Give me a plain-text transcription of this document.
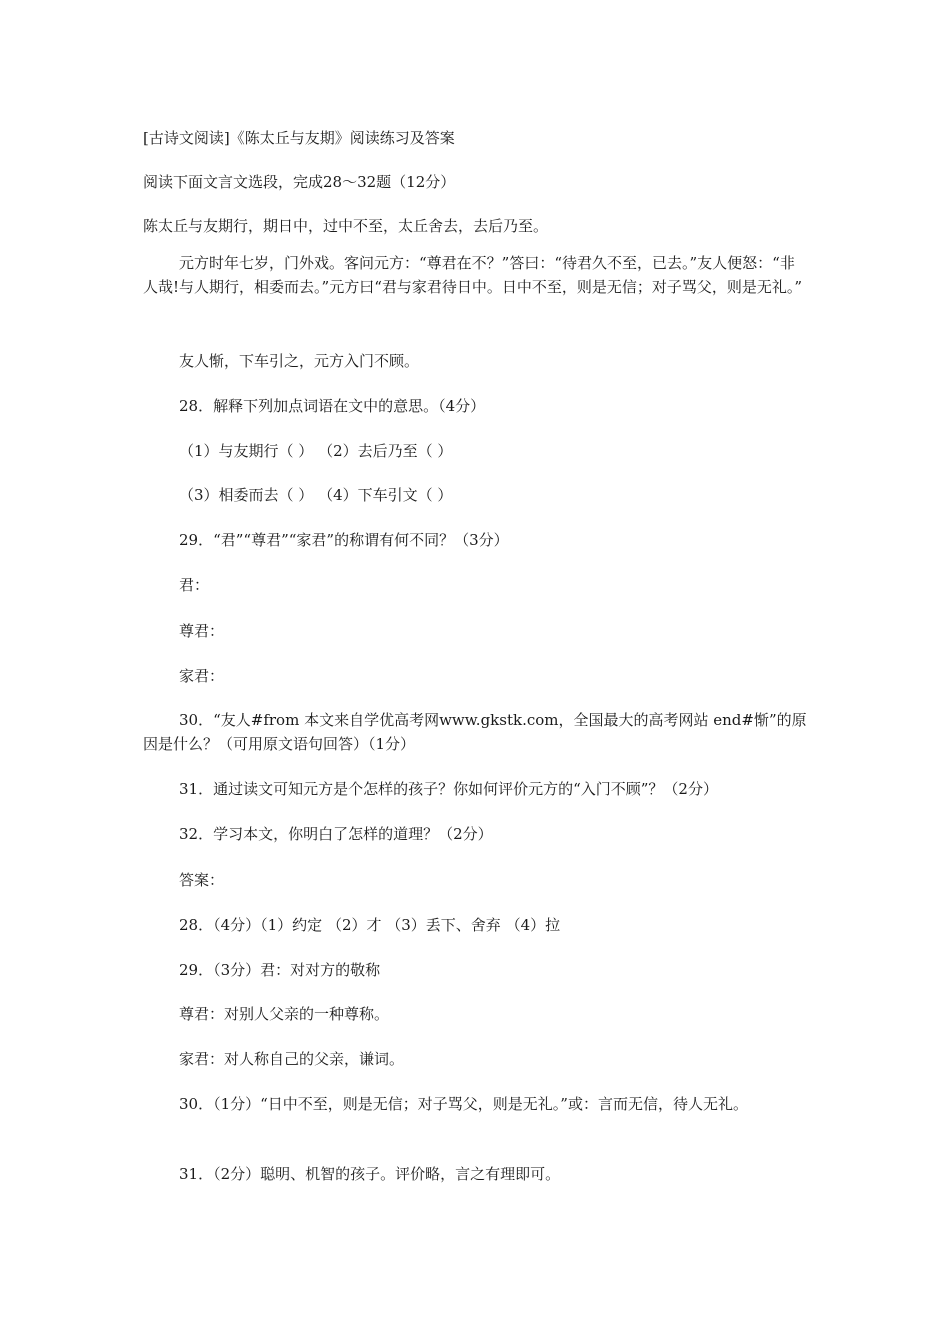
[古诗文阅读]《陈太丘与友期》阅读练习及答案
阅读下面文言文选段，完成28～32题（12分）
陈太丘与友期行，期日中，过中不至，太丘舍去，去后乃至。
元方时年七岁，门外戏。客问元方：“尊君在不？”答曰：“待君久不至，已去。”友人便怒：“非人哉!与人期行，相委而去。”元方曰“君与家君待日中。日中不至，则是无信；对子骂父，则是无礼。”
友人惭，下车引之，元方入门不顾。
28．解释下列加点词语在文中的意思。（4分）
（1）与友期行（ ） （2）去后乃至（ ）
（3）相委而去（ ） （4）下车引文（ ）
29．“君”“尊君”“家君”的称谓有何不同？（3分）
君：
尊君：
家君：
30．“友人#from 本文来自学优高考网www.gkstk.com，全国最大的高考网站 end#惭”的原因是什么？（可用原文语句回答）（1分）
31．通过读文可知元方是个怎样的孩子？你如何评价元方的“入门不顾”？（2分）
32．学习本文，你明白了怎样的道理？（2分）
答案：
28．（4分）（1）约定 （2）才 （3）丢下、舍弃 （4）拉
29．（3分）君：对对方的敬称
尊君：对别人父亲的一种尊称。
家君：对人称自己的父亲，谦词。
30．（1分）“日中不至，则是无信；对子骂父，则是无礼。”或：言而无信，待人无礼。
31．（2分）聪明、机智的孩子。评价略，言之有理即可。
